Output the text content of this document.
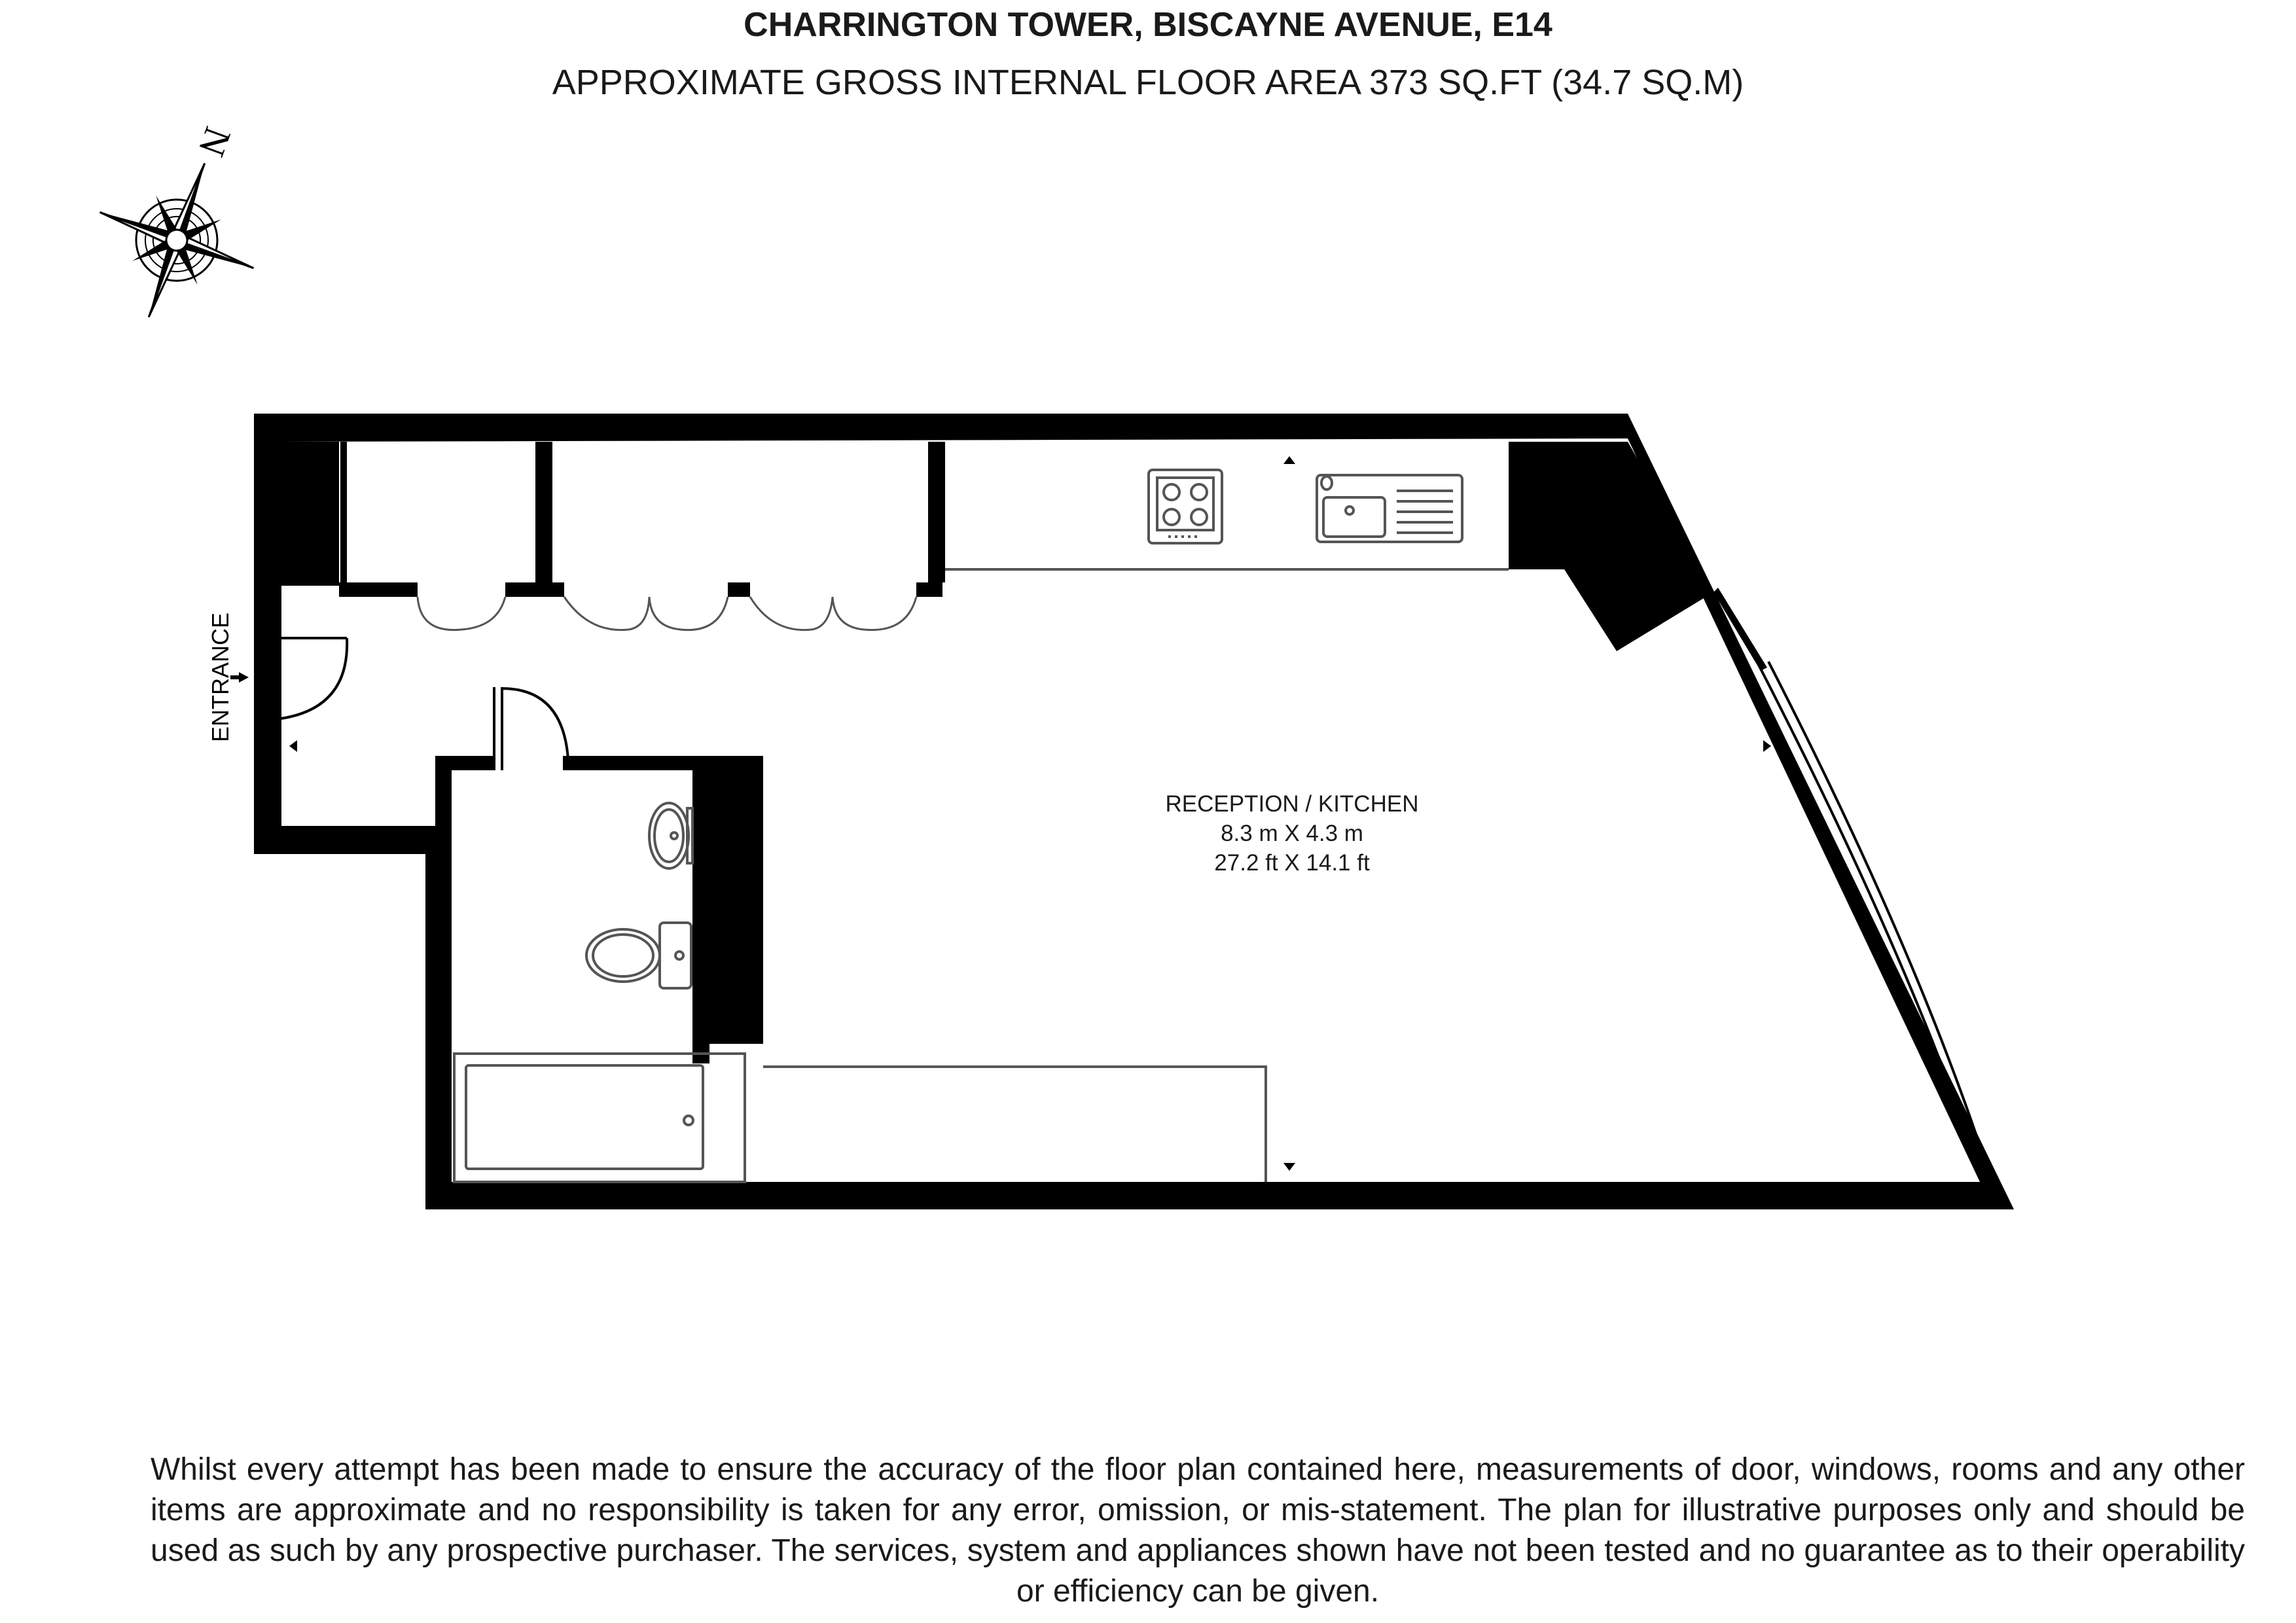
CHARRINGTON TOWER, BISCAYNE AVENUE, E14
APPROXIMATE GROSS INTERNAL FLOOR AREA 373 SQ.FT (34.7 SQ.M)
N
ENTRANCE
RECEPTION / KITCHEN
8.3 m X 4.3 m
27.2 ft X 14.1 ft
Whilst every attempt has been made to ensure the accuracy of the floor plan contained here, measurements of door, windows, rooms and any other items are approximate and no responsibility is taken for any error, omission, or mis-statement. The plan for illustrative purposes only and should be used as such by any prospective purchaser. The services, system and appliances shown have not been tested and no guarantee as to their operability or efficiency can be given.
